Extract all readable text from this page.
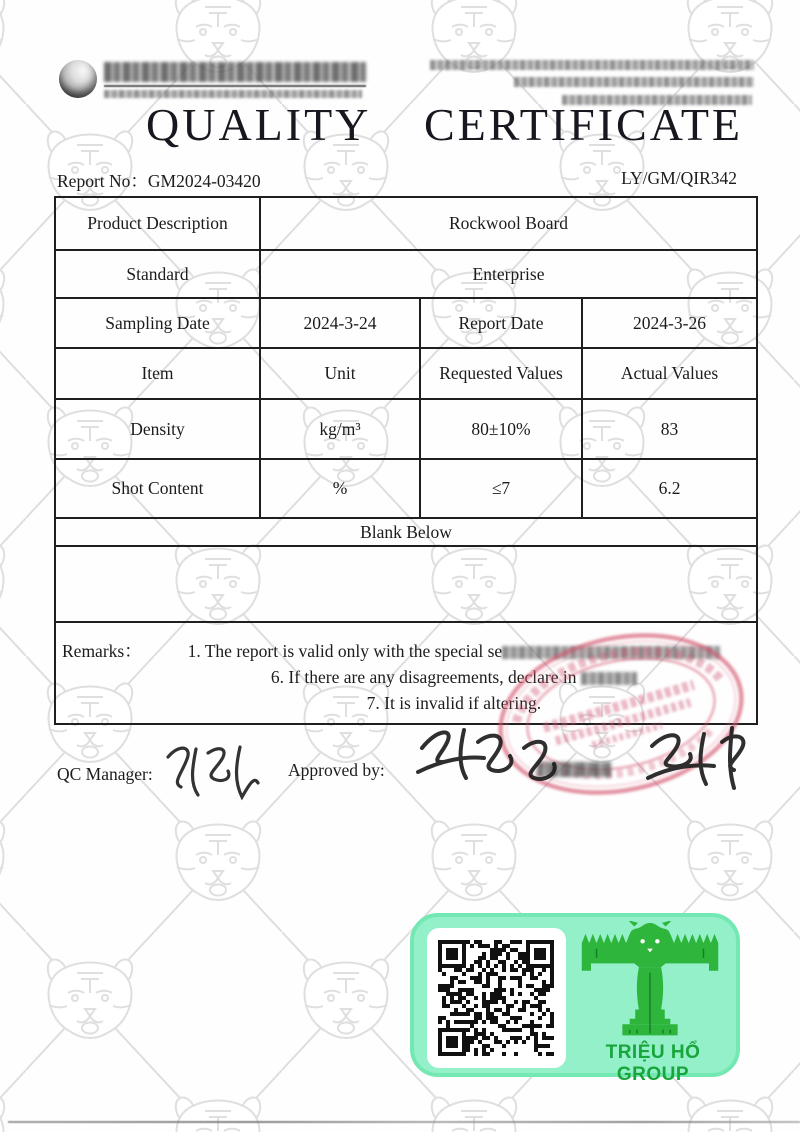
QUALITY CERTIFICATE
Report No：GM2024-03420	LY/GM/QIR342
Product Description	Rockwool Board		
Standard	Enterprise		
Sampling Date	2024-3-24	Report Date	2024-3-26
Item	Unit	Requested Values	Actual Values
Density	kg/m³	80±10%	83
Shot Content	%	≤7	6.2
Blank Below			

Remarks： 1. The report is valid only with the special se
6. If there are any disagreements, declare in
7. It is invalid if altering.			
QC Manager:	Approved by:
TRIỆU HỔ GROUP
